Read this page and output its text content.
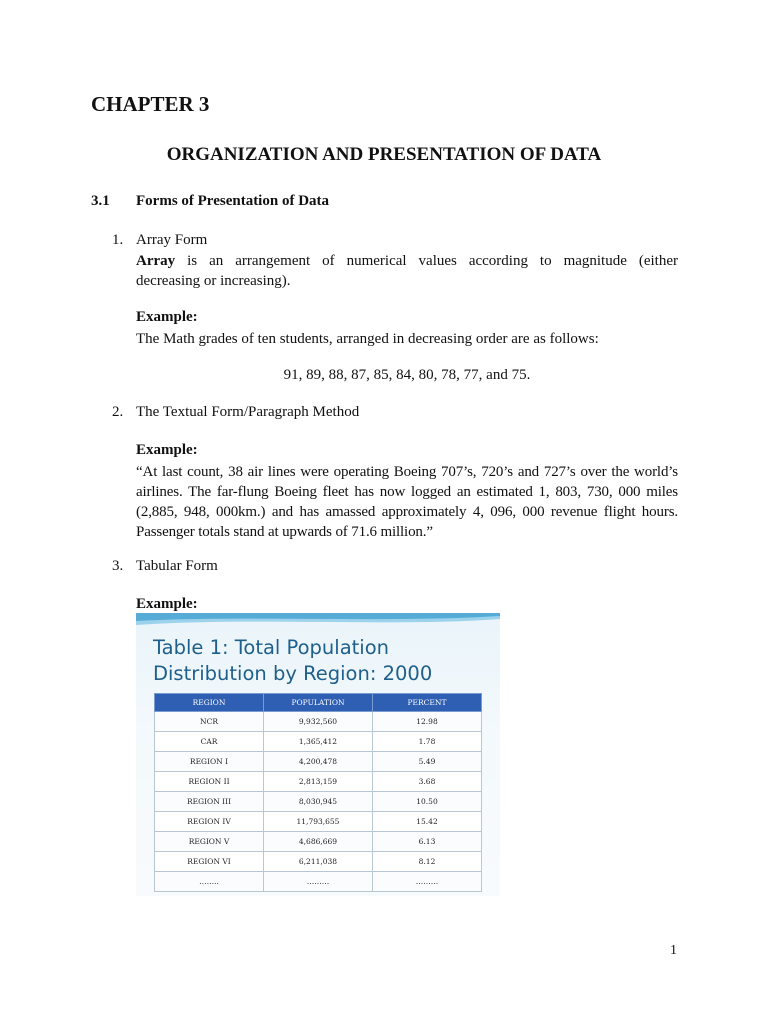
CHAPTER 3
ORGANIZATION AND PRESENTATION OF DATA
3.1 Forms of Presentation of Data
1. Array Form
Array is an arrangement of numerical values according to magnitude (either
decreasing or increasing).
Example:
The Math grades of ten students, arranged in decreasing order are as follows:
91, 89, 88, 87, 85, 84, 80, 78, 77, and 75.
2. The Textual Form/Paragraph Method
Example:
“At last count, 38 air lines were operating Boeing 707’s, 720’s and 727’s over the world’s airlines. The far-flung Boeing fleet has now logged an estimated 1, 803, 730, 000 miles (2,885, 948, 000km.) and has amassed approximately 4, 096, 000 revenue flight hours. Passenger totals stand at upwards of 71.6 million.”
3. Tabular Form
Example:
Table 1: Total Population
Distribution by Region: 2000
REGION	POPULATION	PERCENT
NCR	9,932,560	12.98
CAR	1,365,412	1.78
REGION I	4,200,478	5.49
REGION II	2,813,159	3.68
REGION III	8,030,945	10.50
REGION IV	11,793,655	15.42
REGION V	4,686,669	6.13
REGION VI	6,211,038	8.12
……..	………	………
1
